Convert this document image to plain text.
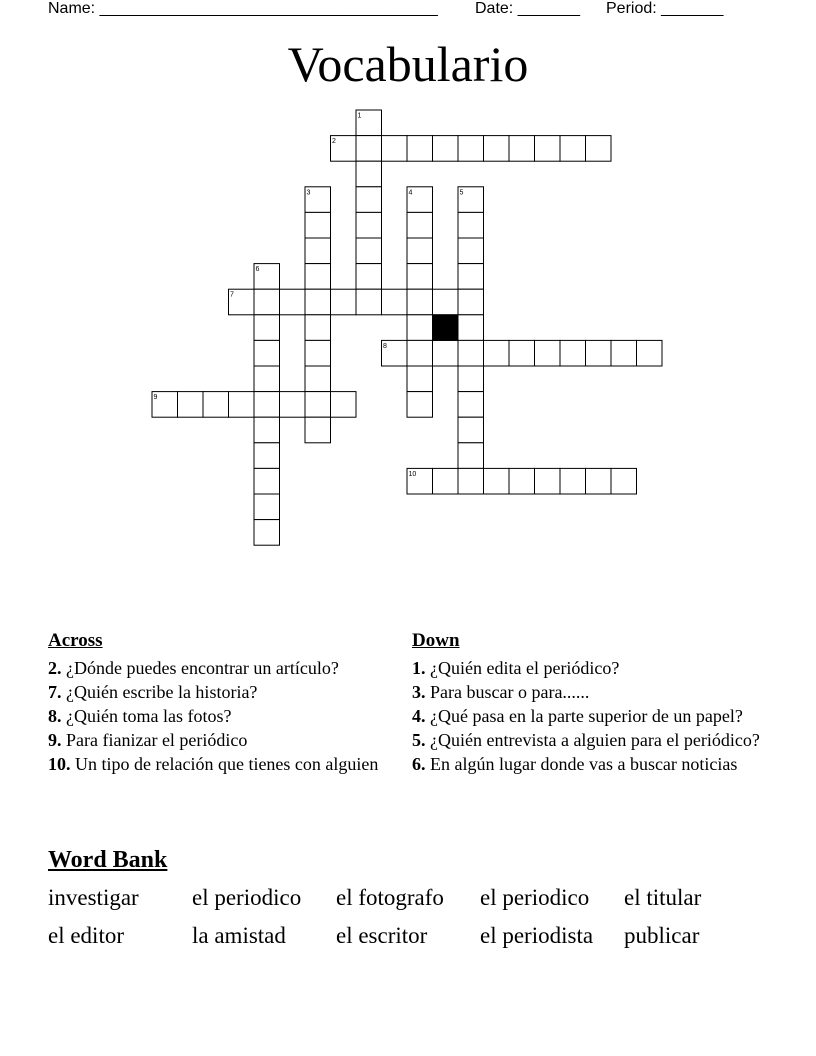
Name: ______________________________________ Date: _______ Period: _______
Vocabulario
1
2
3	4	5
6
7
8
9
10
Across
2. ¿Dónde puedes encontrar un artículo?
7. ¿Quién escribe la historia?
8. ¿Quién toma las fotos?
9. Para fianizar el periódico
10. Un tipo de relación que tienes con alguien
Down
1. ¿Quién edita el periódico?
3. Para buscar o para......
4. ¿Qué pasa en la parte superior de un papel?
5. ¿Quién entrevista a alguien para el periódico?
6. En algún lugar donde vas a buscar noticias
Word Bank
investigar	el periodico	el fotografo	el periodico	el titular
el editor	la amistad	el escritor	el periodista	publicar
